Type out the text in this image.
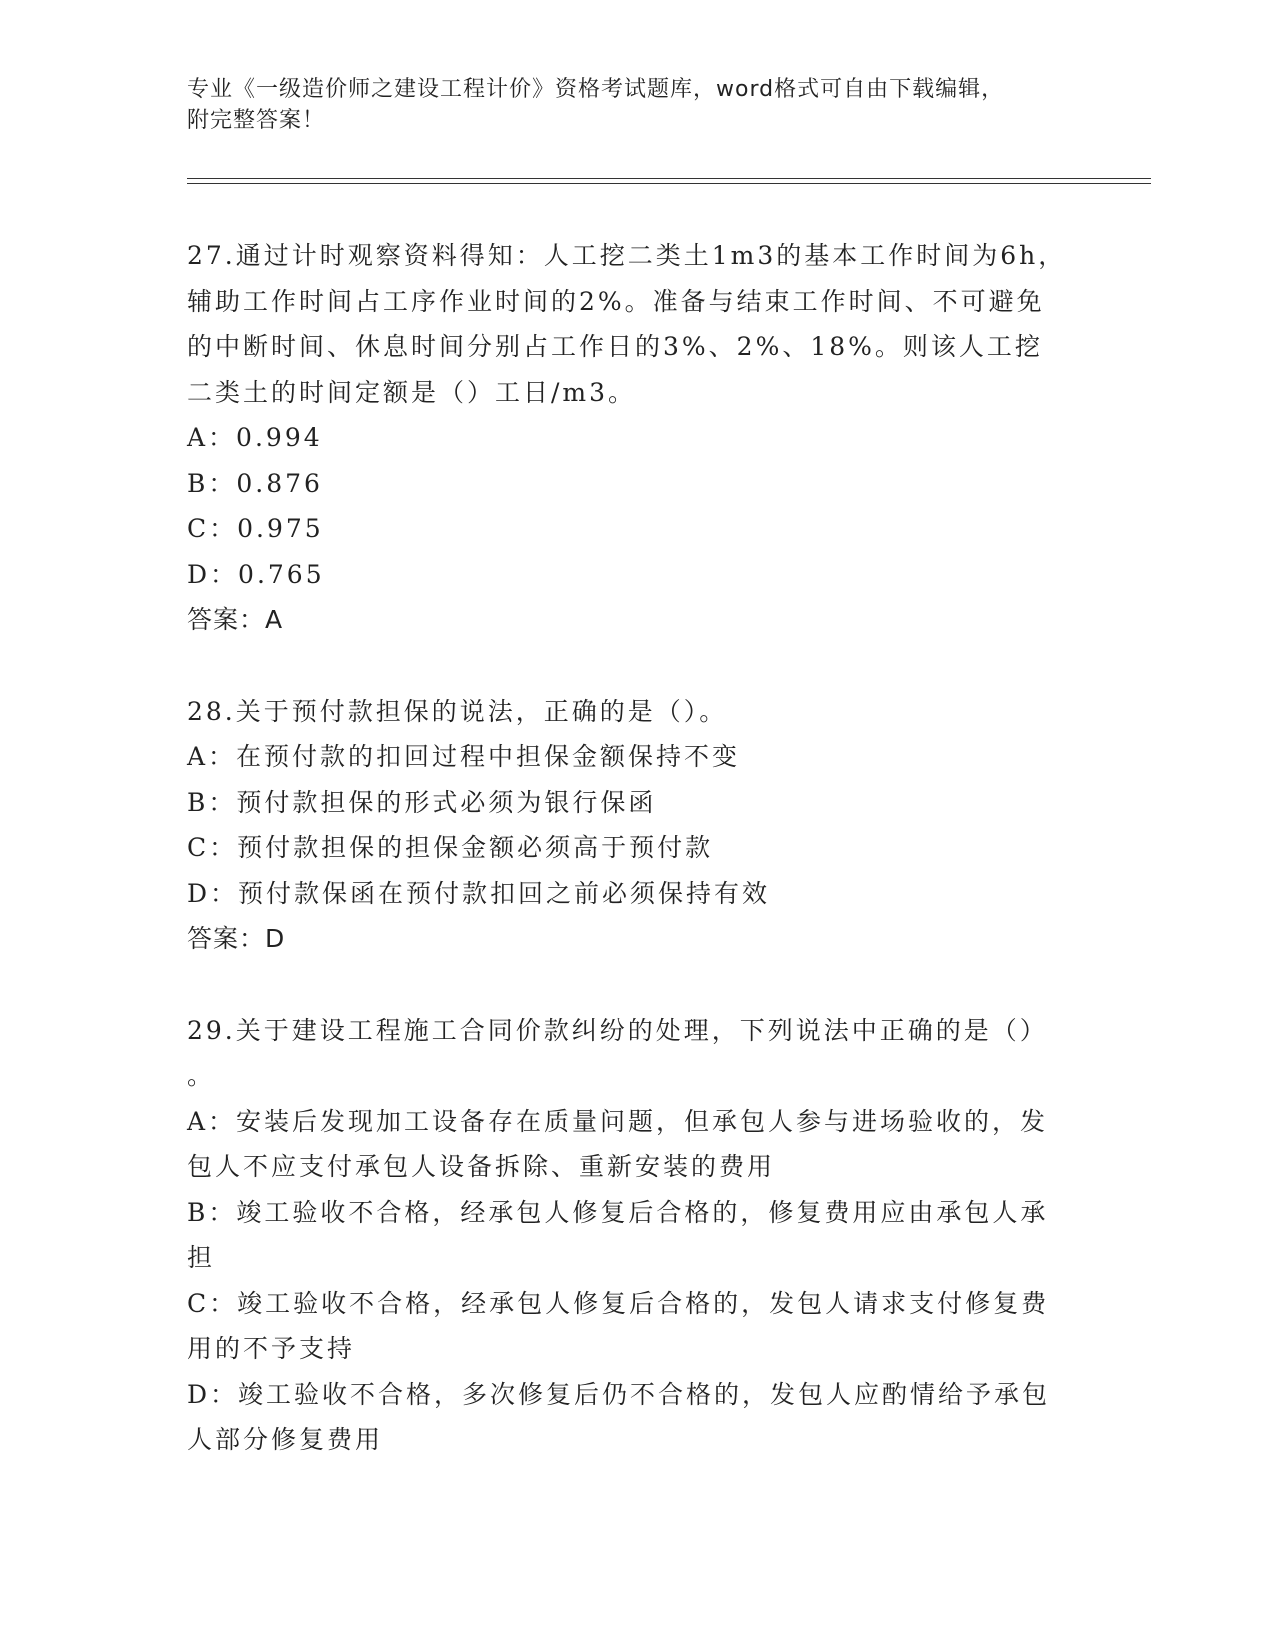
专业《一级造价师之建设工程计价》资格考试题库，word格式可自由下载编辑，
附完整答案！
27.通过计时观察资料得知：人工挖二类土1m3的基本工作时间为6h，
辅助工作时间占工序作业时间的2%。准备与结束工作时间、不可避免
的中断时间、休息时间分别占工作日的3%、2%、18%。则该人工挖
二类土的时间定额是（）工日/m3。
A：0.994
B：0.876
C：0.975
D：0.765
答案：A
28.关于预付款担保的说法，正确的是（）。
A：在预付款的扣回过程中担保金额保持不变
B：预付款担保的形式必须为银行保函
C：预付款担保的担保金额必须高于预付款
D：预付款保函在预付款扣回之前必须保持有效
答案：D
29.关于建设工程施工合同价款纠纷的处理，下列说法中正确的是（）
。
A：安装后发现加工设备存在质量问题，但承包人参与进场验收的，发
包人不应支付承包人设备拆除、重新安装的费用
B：竣工验收不合格，经承包人修复后合格的，修复费用应由承包人承
担
C：竣工验收不合格，经承包人修复后合格的，发包人请求支付修复费
用的不予支持
D：竣工验收不合格，多次修复后仍不合格的，发包人应酌情给予承包
人部分修复费用
